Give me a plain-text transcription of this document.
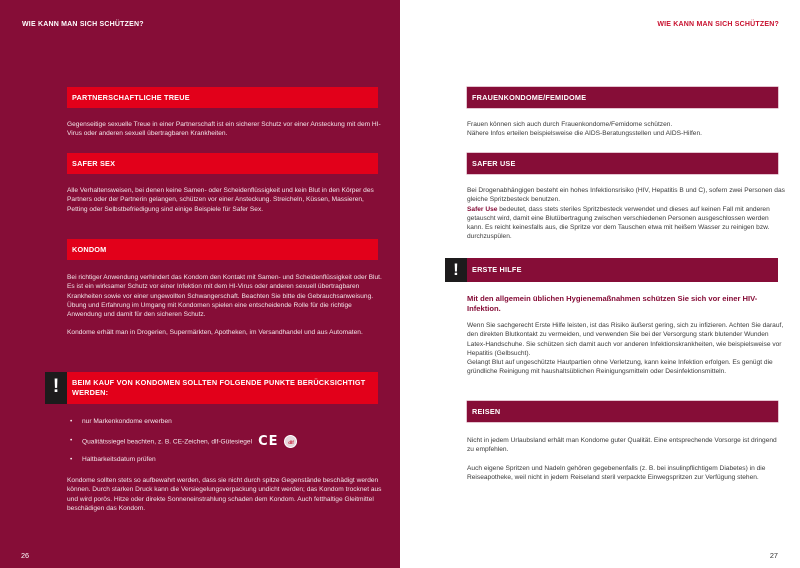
WIE KANN MAN SICH SCHÜTZEN?
PARTNERSCHAFTLICHE TREUE

Gegenseitige sexuelle Treue in einer Partnerschaft ist ein sicherer Schutz vor einer Ansteckung mit dem HI-Virus oder anderen sexuell übertragbaren Krankheiten.

SAFER SEX

Alle Verhaltensweisen, bei denen keine Samen- oder Scheidenflüssigkeit und kein Blut in den Körper des Partners oder der Partnerin gelangen, schützen vor einer Ansteckung. Streicheln, Küssen, Massieren, Petting oder Selbstbefriedigung sind einige Beispiele für Safer Sex.

KONDOM

Bei richtiger Anwendung verhindert das Kondom den Kontakt mit Samen- und Scheidenflüssigkeit oder Blut. Es ist ein wirksamer Schutz vor einer Infektion mit dem HI-Virus oder anderen sexuell übertragbaren Krankheiten sowie vor einer ungewollten Schwangerschaft. Beachten Sie bitte die Gebrauchsanweisung. Übung und Erfahrung im Umgang mit Kondomen spielen eine entscheidende Rolle für die richtige Anwendung und damit für den sicheren Schutz.

Kondome erhält man in Drogerien, Supermärkten, Apotheken, im Versandhandel und aus Automaten.

!	BEIM KAUF VON KONDOMEN SOLLTEN FOLGENDE PUNKTE BERÜCKSICHTIGT WERDEN:
• nur Markenkondome erwerben
• Qualitätssiegel beachten, z. B. CE-Zeichen, dlf-Gütesiegel CE dlf
• Haltbarkeitsdatum prüfen

Kondome sollten stets so aufbewahrt werden, dass sie nicht durch spitze Gegenstände beschädigt werden können. Durch starken Druck kann die Versiegelungsverpackung undicht werden; das Kondom trocknet aus und wird porös. Hitze oder direkte Sonneneinstrahlung schaden dem Kondom. Auch fetthaltige Gleitmittel beschädigen das Kondom.

26
WIE KANN MAN SICH SCHÜTZEN?
FRAUENKONDOME/FEMIDOME

Frauen können sich auch durch Frauenkondome/Femidome schützen.

Nähere Infos erteilen beispielsweise die AIDS-Beratungsstellen und AIDS-Hilfen.

SAFER USE

Bei Drogenabhängigen besteht ein hohes Infektionsrisiko (HIV, Hepatitis B und C), sofern zwei Personen das gleiche Spritzbesteck benutzen.

Safer Use bedeutet, dass stets steriles Spritzbesteck verwendet und dieses auf keinen Fall mit anderen getauscht wird, damit eine Blutübertragung zwischen verschiedenen Personen ausgeschlossen werden kann. Es reicht keinesfalls aus, die Spritze vor dem Tauschen etwa mit heißem Wasser zu reinigen bzw. durchzuspülen.

!	ERSTE HILFE
Mit den allgemein üblichen Hygienemaßnahmen schützen Sie sich vor einer HIV-Infektion.

Wenn Sie sachgerecht Erste Hilfe leisten, ist das Risiko äußerst gering, sich zu infizieren. Achten Sie darauf, den direkten Blutkontakt zu vermeiden, und verwenden Sie bei der Versorgung stark blutender Wunden Latex-Handschuhe. Sie schützen sich damit auch vor anderen Infektionskrankheiten, wie beispielsweise vor Hepatitis (Gelbsucht).

Gelangt Blut auf ungeschützte Hautpartien ohne Verletzung, kann keine Infektion erfolgen. Es genügt die gründliche Reinigung mit haushaltsüblichen Reinigungsmitteln oder Desinfektionsmitteln.

REISEN

Nicht in jedem Urlaubsland erhält man Kondome guter Qualität. Eine entsprechende Vorsorge ist dringend zu empfehlen.

Auch eigene Spritzen und Nadeln gehören gegebenenfalls (z. B. bei insulinpflichtigem Diabetes) in die Reiseapotheke, weil nicht in jedem Reiseland steril verpackte Einwegspritzen zur Verfügung stehen.

27
